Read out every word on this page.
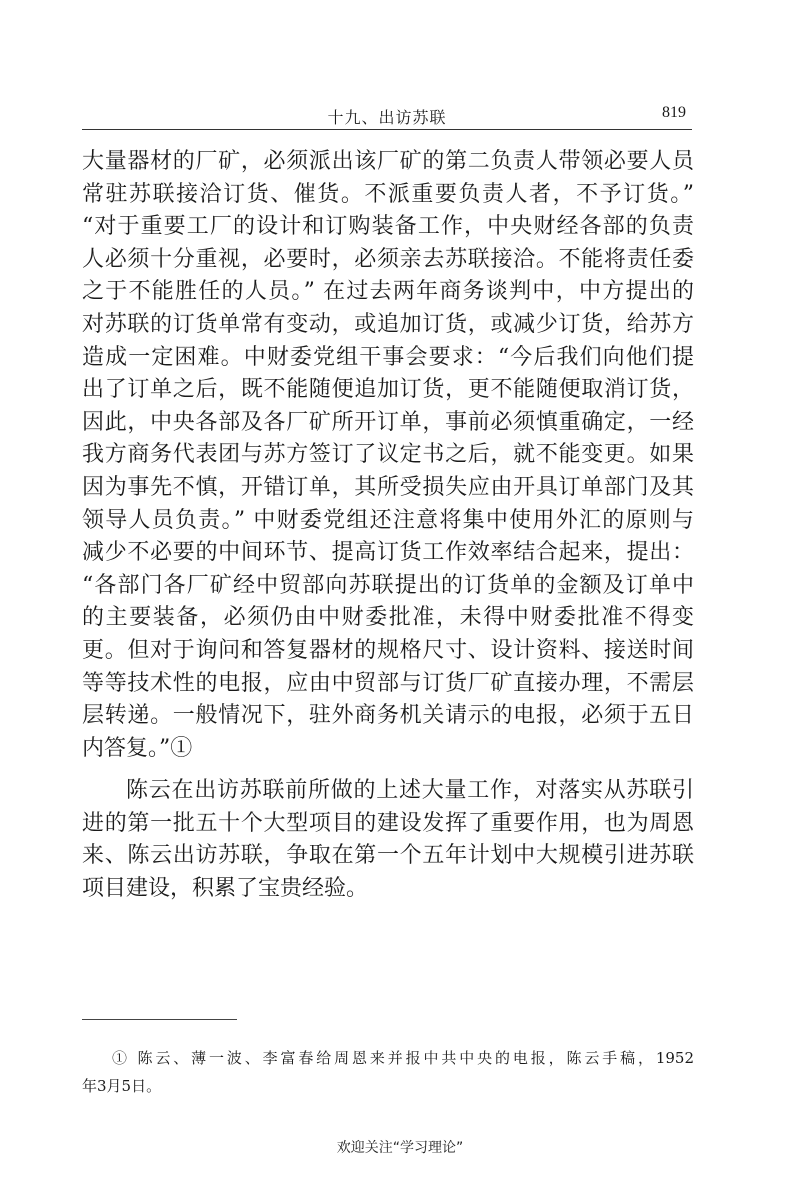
十九、出访苏联	819
大量器材的厂矿，必须派出该厂矿的第二负责人带领必要人员
常驻苏联接洽订货、催货。不派重要负责人者，不予订货。”
“对于重要工厂的设计和订购装备工作，中央财经各部的负责
人必须十分重视，必要时，必须亲去苏联接洽。不能将责任委
之于不能胜任的人员。” 在过去两年商务谈判中，中方提出的
对苏联的订货单常有变动，或追加订货，或减少订货，给苏方
造成一定困难。中财委党组干事会要求：“今后我们向他们提
出了订单之后，既不能随便追加订货，更不能随便取消订货，
因此，中央各部及各厂矿所开订单，事前必须慎重确定，一经
我方商务代表团与苏方签订了议定书之后，就不能变更。如果
因为事先不慎，开错订单，其所受损失应由开具订单部门及其
领导人员负责。” 中财委党组还注意将集中使用外汇的原则与
减少不必要的中间环节、提高订货工作效率结合起来，提出：
“各部门各厂矿经中贸部向苏联提出的订货单的金额及订单中
的主要装备，必须仍由中财委批准，未得中财委批准不得变
更。但对于询问和答复器材的规格尺寸、设计资料、接送时间
等等技术性的电报，应由中贸部与订货厂矿直接办理，不需层
层转递。一般情况下，驻外商务机关请示的电报，必须于五日
内答复。”①
陈云在出访苏联前所做的上述大量工作，对落实从苏联引
进的第一批五十个大型项目的建设发挥了重要作用，也为周恩
来、陈云出访苏联，争取在第一个五年计划中大规模引进苏联
项目建设，积累了宝贵经验。
① 陈云、薄一波、李富春给周恩来并报中共中央的电报，陈云手稿，1952
年3月5日。
欢迎关注“学习理论”
